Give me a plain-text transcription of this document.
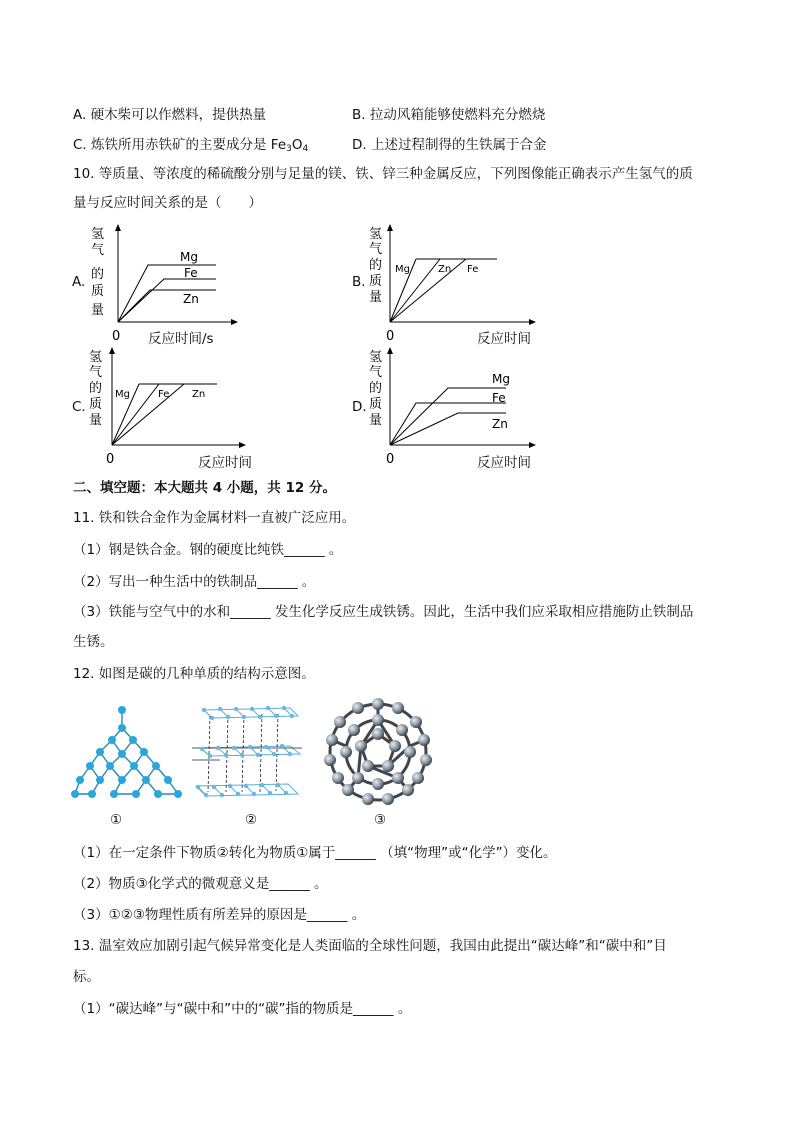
A. 硬木柴可以作燃料，提供热量	B. 拉动风箱能够使燃料充分燃烧
C. 炼铁所用赤铁矿的主要成分是 $Fe_3O_4$	D. 上述过程制得的生铁属于合金
10. 等质量、等浓度的稀硫酸分别与足量的镁、铁、锌三种金属反应，下列图像能正确表示产生氢气的质
量与反应时间关系的是（　　）
A.
氢
气
的
质
量
0
Mg
Fe
Zn
反应时间/s
B.
氢
气
的
质
量
0
Mg	Zn Fe
反应时间
C.
氢
气
的
质
量
0
Mg	Fe Zn
反应时间
D.
氢
气
的
质
量
0
Mg
Fe
Zn
反应时间
二、填空题：本大题共 4 小题，共 12 分。
11. 铁和铁合金作为金属材料一直被广泛应用。
（1）钢是铁合金。钢的硬度比纯铁______ 。
（2）写出一种生活中的铁制品______ 。
（3）铁能与空气中的水和______ 发生化学反应生成铁锈。因此，生活中我们应采取相应措施防止铁制品
生锈。
12. 如图是碳的几种单质的结构示意图。
①	②	③
（1）在一定条件下物质②转化为物质①属于______ （填“物理”或“化学”）变化。
（2）物质③化学式的微观意义是______ 。
（3）①②③物理性质有所差异的原因是______ 。
13. 温室效应加剧引起气候异常变化是人类面临的全球性问题，我国由此提出“碳达峰”和“碳中和”目
标。
（1）“碳达峰”与“碳中和”中的“碳”指的物质是______ 。
